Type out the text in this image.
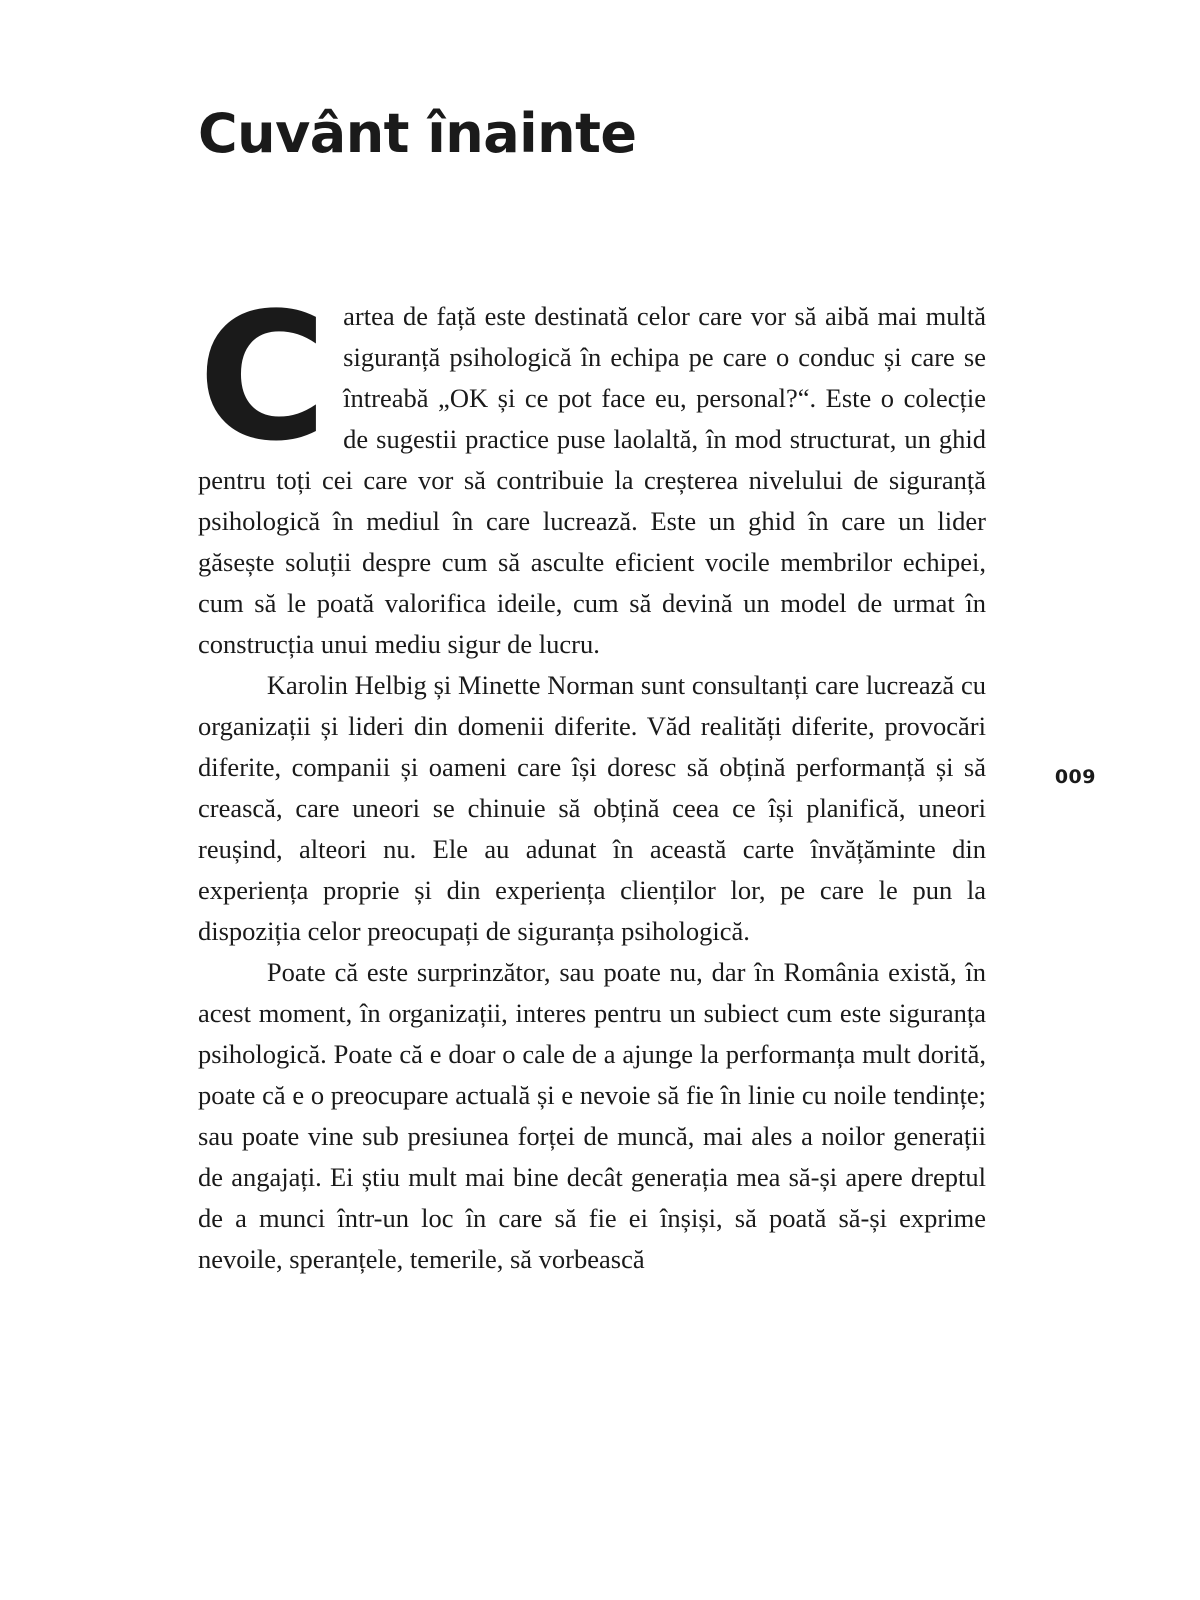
Cuvânt înainte

Cartea de față este destinată celor care vor să aibă mai multă siguranță psihologică în echipa pe care o conduc și care se întreabă „OK și ce pot face eu, personal?“. Este o colecție de sugestii practice puse laolaltă, în mod structurat, un ghid pentru toți cei care vor să contribuie la creșterea nivelului de siguranță psihologică în mediul în care lucrează. Este un ghid în care un lider găsește soluții despre cum să asculte eficient vocile membrilor echipei, cum să le poată valorifica ideile, cum să devină un model de urmat în construcția unui mediu sigur de lucru.

Karolin Helbig și Minette Norman sunt consultanți care lucrează cu organizații și lideri din domenii diferite. Văd realități diferite, provocări diferite, companii și oameni care își doresc să obțină performanță și să crească, care uneori se chinuie să obțină ceea ce își planifică, uneori reușind, alteori nu. Ele au adunat în această carte învățăminte din experiența proprie și din experiența clienților lor, pe care le pun la dispoziția celor preocupați de siguranța psihologică.

Poate că este surprinzător, sau poate nu, dar în România există, în acest moment, în organizații, interes pentru un subiect cum este siguranța psihologică. Poate că e doar o cale de a ajunge la performanța mult dorită, poate că e o preocupare actuală și e nevoie să fie în linie cu noile tendințe; sau poate vine sub presiunea forței de muncă, mai ales a noilor generații de angajați. Ei știu mult mai bine decât generația mea să-și apere dreptul de a munci într-un loc în care să fie ei înșiși, să poată să-și exprime nevoile, speranțele, temerile, să vorbească

009
